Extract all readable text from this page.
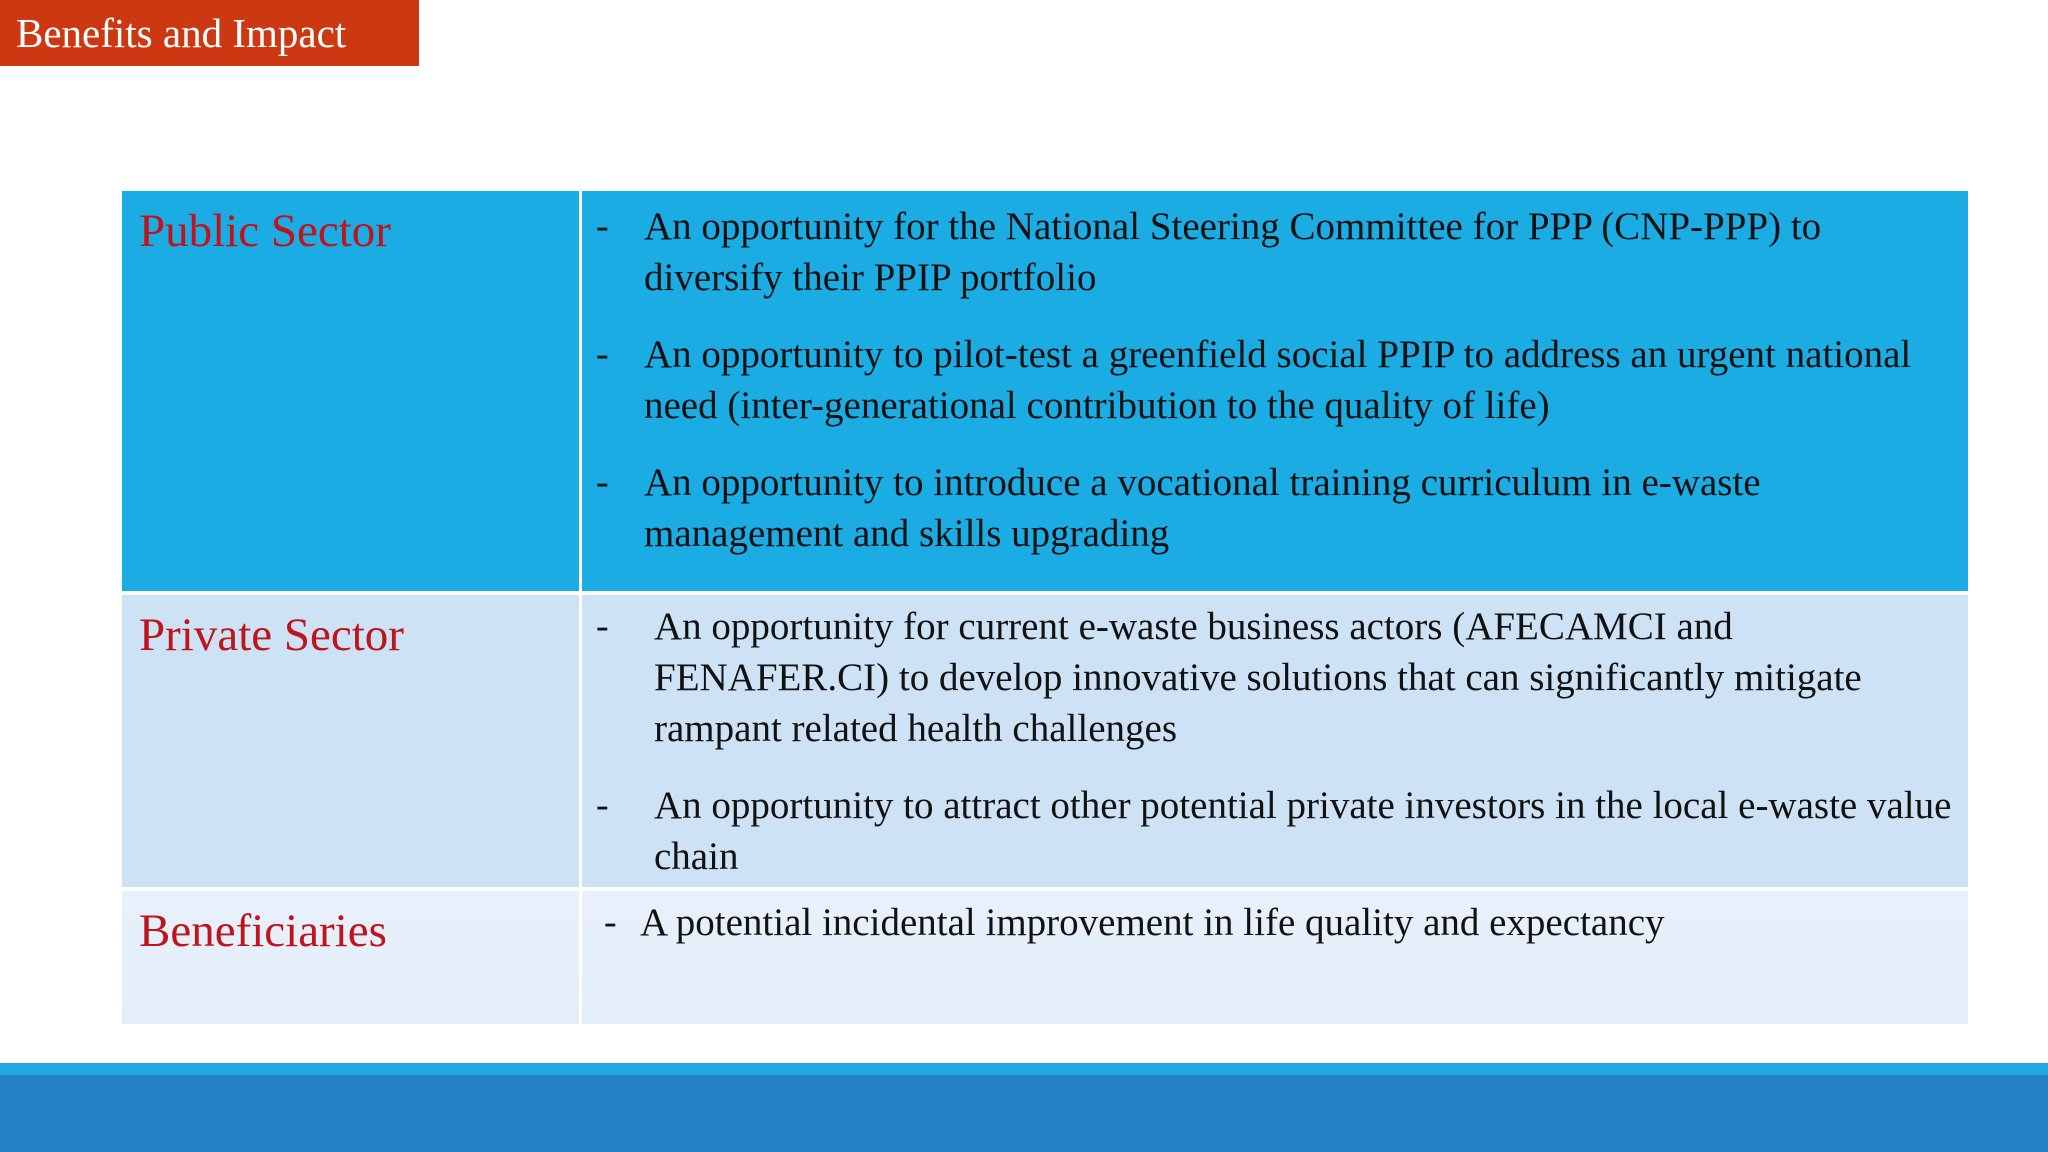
Benefits and Impact
Public Sector	- An opportunity for the National Steering Committee for PPP (CNP-PPP) to diversify their PPIP portfolio
- An opportunity to pilot-test a greenfield social PPIP to address an urgent national need (inter-generational contribution to the quality of life)
- An opportunity to introduce a vocational training curriculum in e-waste management and skills upgrading
Private Sector	- An opportunity for current e-waste business actors (AFECAMCI and FENAFER.CI) to develop innovative solutions that can significantly mitigate rampant related health challenges
- An opportunity to attract other potential private investors in the local e-waste value chain
Beneficiaries	- A potential incidental improvement in life quality and expectancy
